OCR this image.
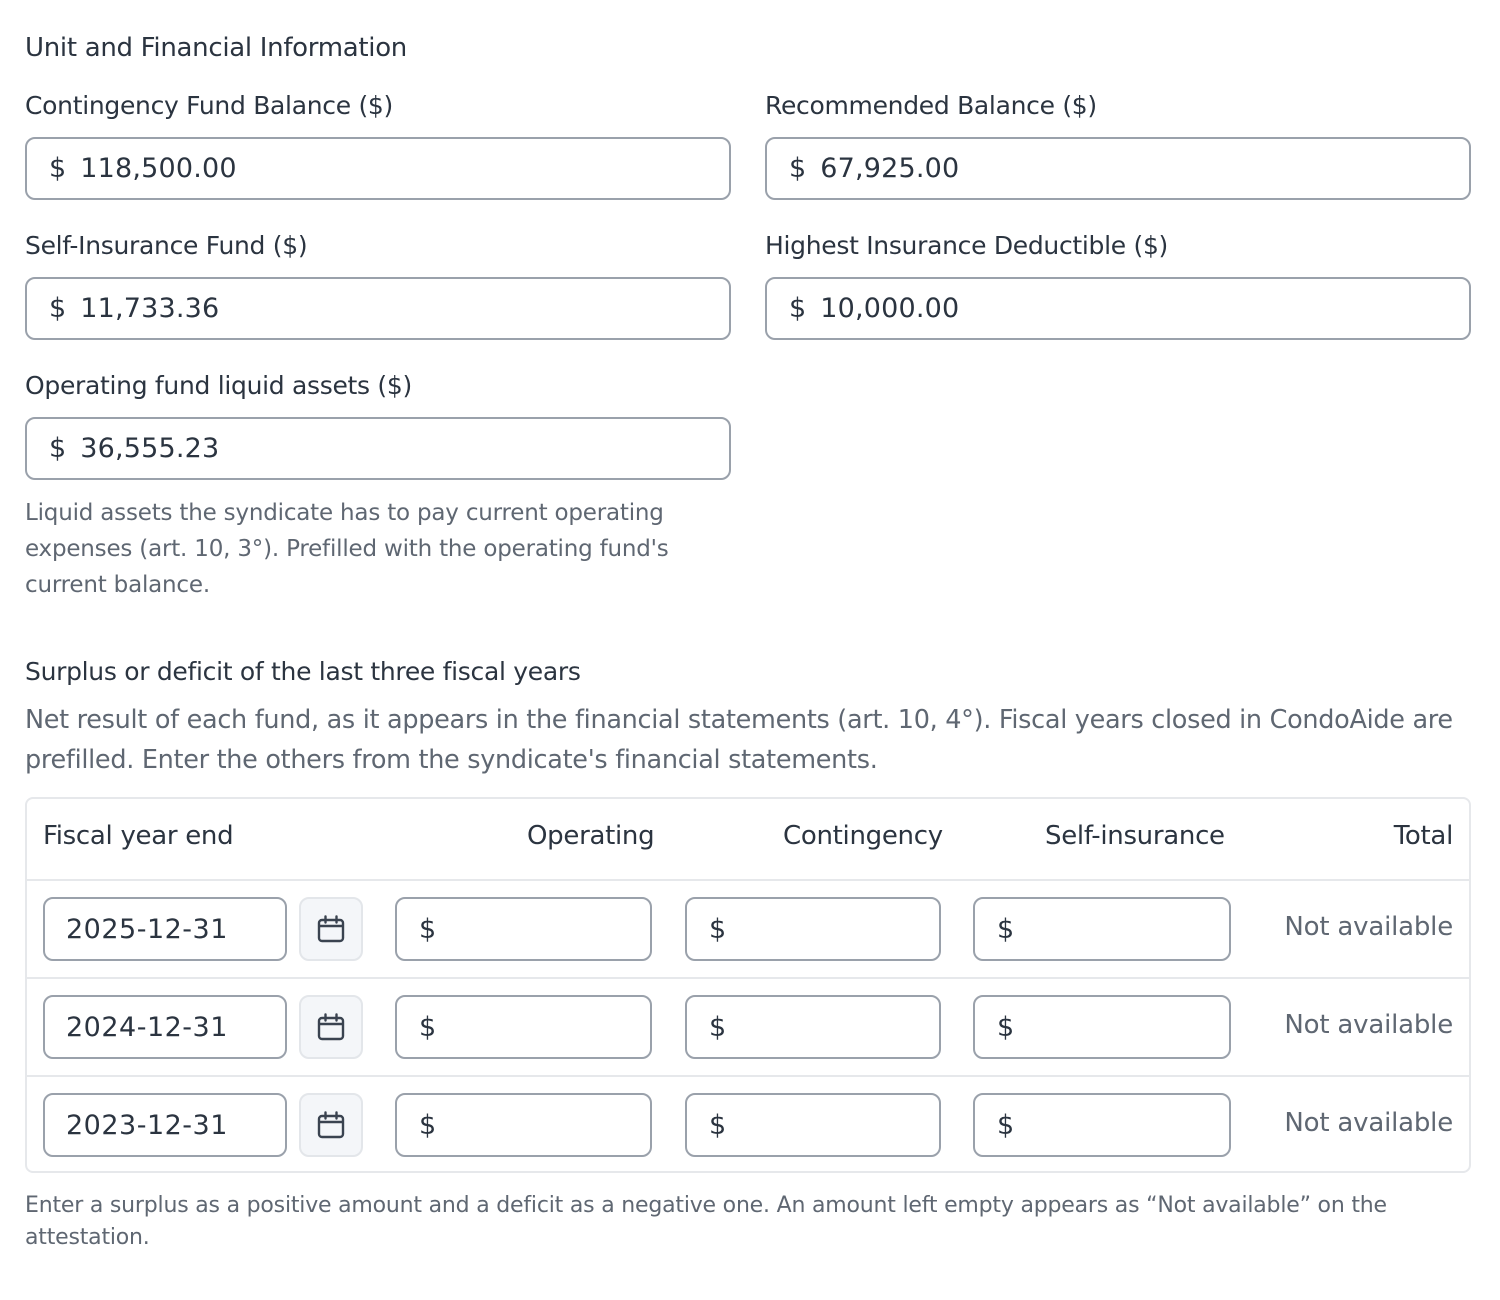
Unit and Financial Information
Contingency Fund Balance ($)
$ 118,500.00
Recommended Balance ($)
$ 67,925.00
Self-Insurance Fund ($)
$ 11,733.36
Highest Insurance Deductible ($)
$ 10,000.00
Operating fund liquid assets ($)
$ 36,555.23
Liquid assets the syndicate has to pay current operating
expenses (art. 10, 3°). Prefilled with the operating fund's
current balance.
Surplus or deficit of the last three fiscal years
Net result of each fund, as it appears in the financial statements (art. 10, 4°). Fiscal years closed in CondoAide are
prefilled. Enter the others from the syndicate's financial statements.
Fiscal year end	Operating	Contingency	Self-insurance	Total
2025-12-31	$	$	$	Not available
2024-12-31	$	$	$	Not available
2023-12-31	$	$	$	Not available
Enter a surplus as a positive amount and a deficit as a negative one. An amount left empty appears as “Not available” on the
attestation.
